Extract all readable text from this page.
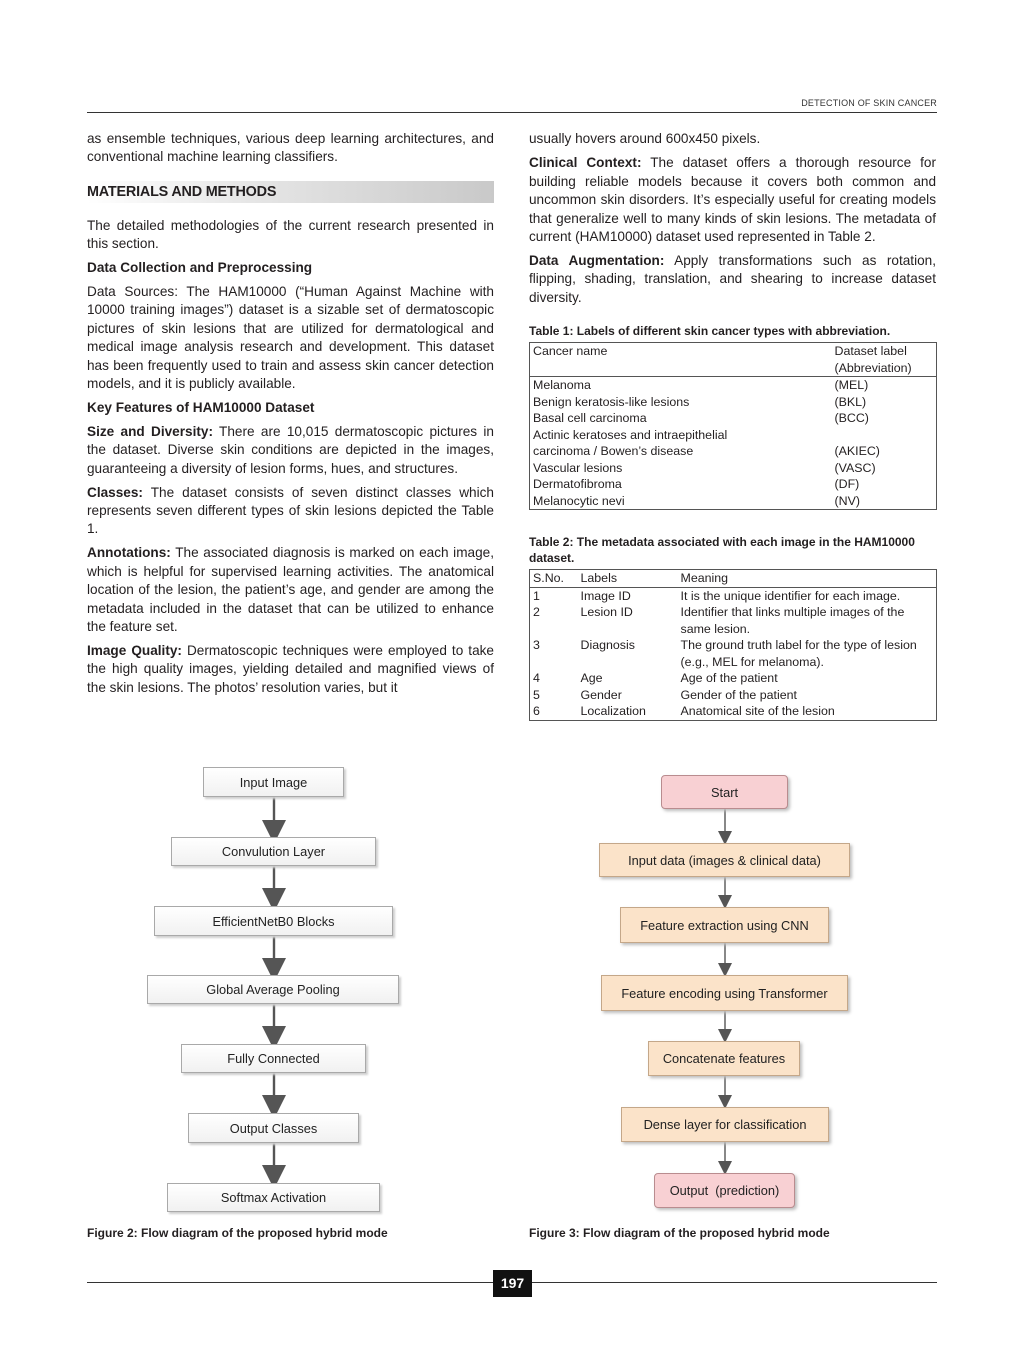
DETECTION OF SKIN CANCER

as ensemble techniques, various deep learning architectures, and conventional machine learning classifiers.

MATERIALS AND METHODS

The detailed methodologies of the current research presented in this section.

Data Collection and Preprocessing

Data Sources: The HAM10000 (“Human Against Machine with 10000 training images”) dataset is a sizable set of dermatoscopic pictures of skin lesions that are utilized for dermatological and medical image analysis research and development. This dataset has been frequently used to train and assess skin cancer detection models, and it is publicly available.

Key Features of HAM10000 Dataset

Size and Diversity: There are 10,015 dermatoscopic pictures in the dataset. Diverse skin conditions are depicted in the images, guaranteeing a diversity of lesion forms, hues, and structures.

Classes: The dataset consists of seven distinct classes which represents seven different types of skin lesions depicted the Table 1.

Annotations: The associated diagnosis is marked on each image, which is helpful for supervised learning activities. The anatomical location of the lesion, the patient’s age, and gender are among the metadata included in the dataset that can be utilized to enhance the feature set.

Image Quality: Dermatoscopic techniques were employed to take the high quality images, yielding detailed and magnified views of the skin lesions. The photos’ resolution varies, but it

usually hovers around 600x450 pixels.

Clinical Context: The dataset offers a thorough resource for building reliable models because it covers both common and uncommon skin disorders. It’s especially useful for creating models that generalize well to many kinds of skin lesions. The metadata of current (HAM10000) dataset used represented in Table 2.

Data Augmentation: Apply transformations such as rotation, flipping, shading, translation, and shearing to increase dataset diversity.

Table 1: Labels of different skin cancer types with abbreviation.
Cancer name	Dataset label (Abbreviation)
Melanoma	(MEL)
Benign keratosis-like lesions	(BKL)
Basal cell carcinoma	(BCC)
Actinic keratoses and intraepithelial carcinoma / Bowen’s disease	(AKIEC)
Vascular lesions	(VASC)
Dermatofibroma	(DF)
Melanocytic nevi	(NV)
Table 2: The metadata associated with each image in the HAM10000 dataset.
S.No.	Labels	Meaning
1	Image ID	It is the unique identifier for each image.
2	Lesion ID	Identifier that links multiple images of the same lesion.
3	Diagnosis	The ground truth label for the type of lesion (e.g., MEL for melanoma).
4	Age	Age of the patient
5	Gender	Gender of the patient
6	Localization	Anatomical site of the lesion
Input Image
Convulution Layer
EfficientNetB0 Blocks
Global Average Pooling
Fully Connected
Output Classes
Softmax Activation
Start
Input data (images & clinical data)
Feature extraction using CNN
Feature encoding using Transformer
Concatenate features
Dense layer for classification
Output  (prediction)
Figure 2: Flow diagram of the proposed hybrid mode	Figure 3: Flow diagram of the proposed hybrid mode
197
